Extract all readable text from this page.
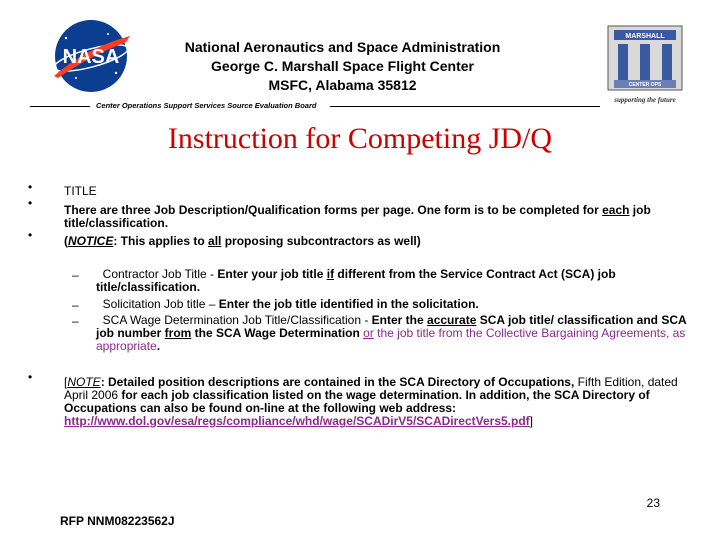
NASA	National Aeronautics and Space Administration
George C. Marshall Space Flight Center
MSFC, Alabama 35812
MARSHALL
CENTER OPS
supporting the future
Center Operations Support Services Source Evaluation Board
Instruction for Competing JD/Q
•
•
•
TITLE
There are three Job Description/Qualification forms per page. One form is to be completed for each job title/classification.
(NOTICE: This applies to all proposing subcontractors as well)
–
–
–
Contractor Job Title - Enter your job title if different from the Service Contract Act (SCA) job title/classification.
Solicitation Job title – Enter the job title identified in the solicitation.
SCA Wage Determination Job Title/Classification - Enter the accurate SCA job title/ classification and SCA job number from the SCA Wage Determination or the job title from the Collective Bargaining Agreements, as appropriate.
•	[NOTE: Detailed position descriptions are contained in the SCA Directory of Occupations, Fifth Edition, dated April 2006 for each job classification listed on the wage determination. In addition, the SCA Directory of Occupations can also be found on-line at the following web address: http://www.dol.gov/esa/regs/compliance/whd/wage/SCADirV5/SCADirectVers5.pdf]
23
RFP NNM08223562J
